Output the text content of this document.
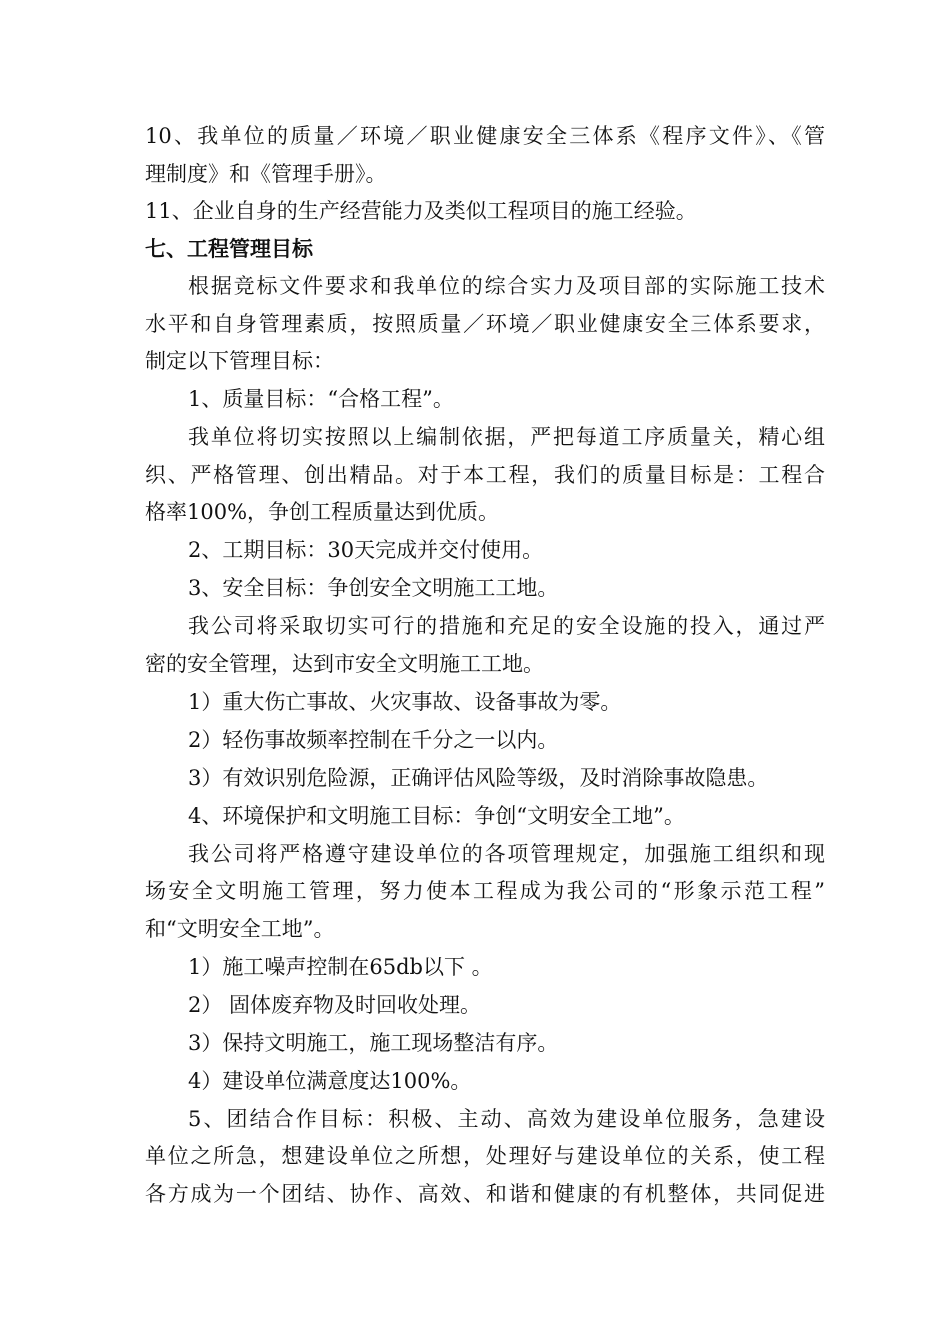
10、我单位的质量／环境／职业健康安全三体系《程序文件》、《管
理制度》和《管理手册》。
11、企业自身的生产经营能力及类似工程项目的施工经验。
七、工程管理目标
根据竞标文件要求和我单位的综合实力及项目部的实际施工技术
水平和自身管理素质，按照质量／环境／职业健康安全三体系要求，
制定以下管理目标：
1、质量目标：“合格工程”。
我单位将切实按照以上编制依据，严把每道工序质量关，精心组
织、严格管理、创出精品。对于本工程，我们的质量目标是：工程合
格率100%，争创工程质量达到优质。
2、工期目标：30天完成并交付使用。
3、安全目标：争创安全文明施工工地。
我公司将采取切实可行的措施和充足的安全设施的投入，通过严
密的安全管理，达到市安全文明施工工地。
1）重大伤亡事故、火灾事故、设备事故为零。
2）轻伤事故频率控制在千分之一以内。
3）有效识别危险源，正确评估风险等级，及时消除事故隐患。
4、环境保护和文明施工目标：争创“文明安全工地”。
我公司将严格遵守建设单位的各项管理规定，加强施工组织和现
场安全文明施工管理，努力使本工程成为我公司的“形象示范工程”
和“文明安全工地”。
1）施工噪声控制在65db以下 。
2） 固体废弃物及时回收处理。
3）保持文明施工，施工现场整洁有序。
4）建设单位满意度达100%。
5、团结合作目标：积极、主动、高效为建设单位服务，急建设
单位之所急，想建设单位之所想，处理好与建设单位的关系，使工程
各方成为一个团结、协作、高效、和谐和健康的有机整体，共同促进
